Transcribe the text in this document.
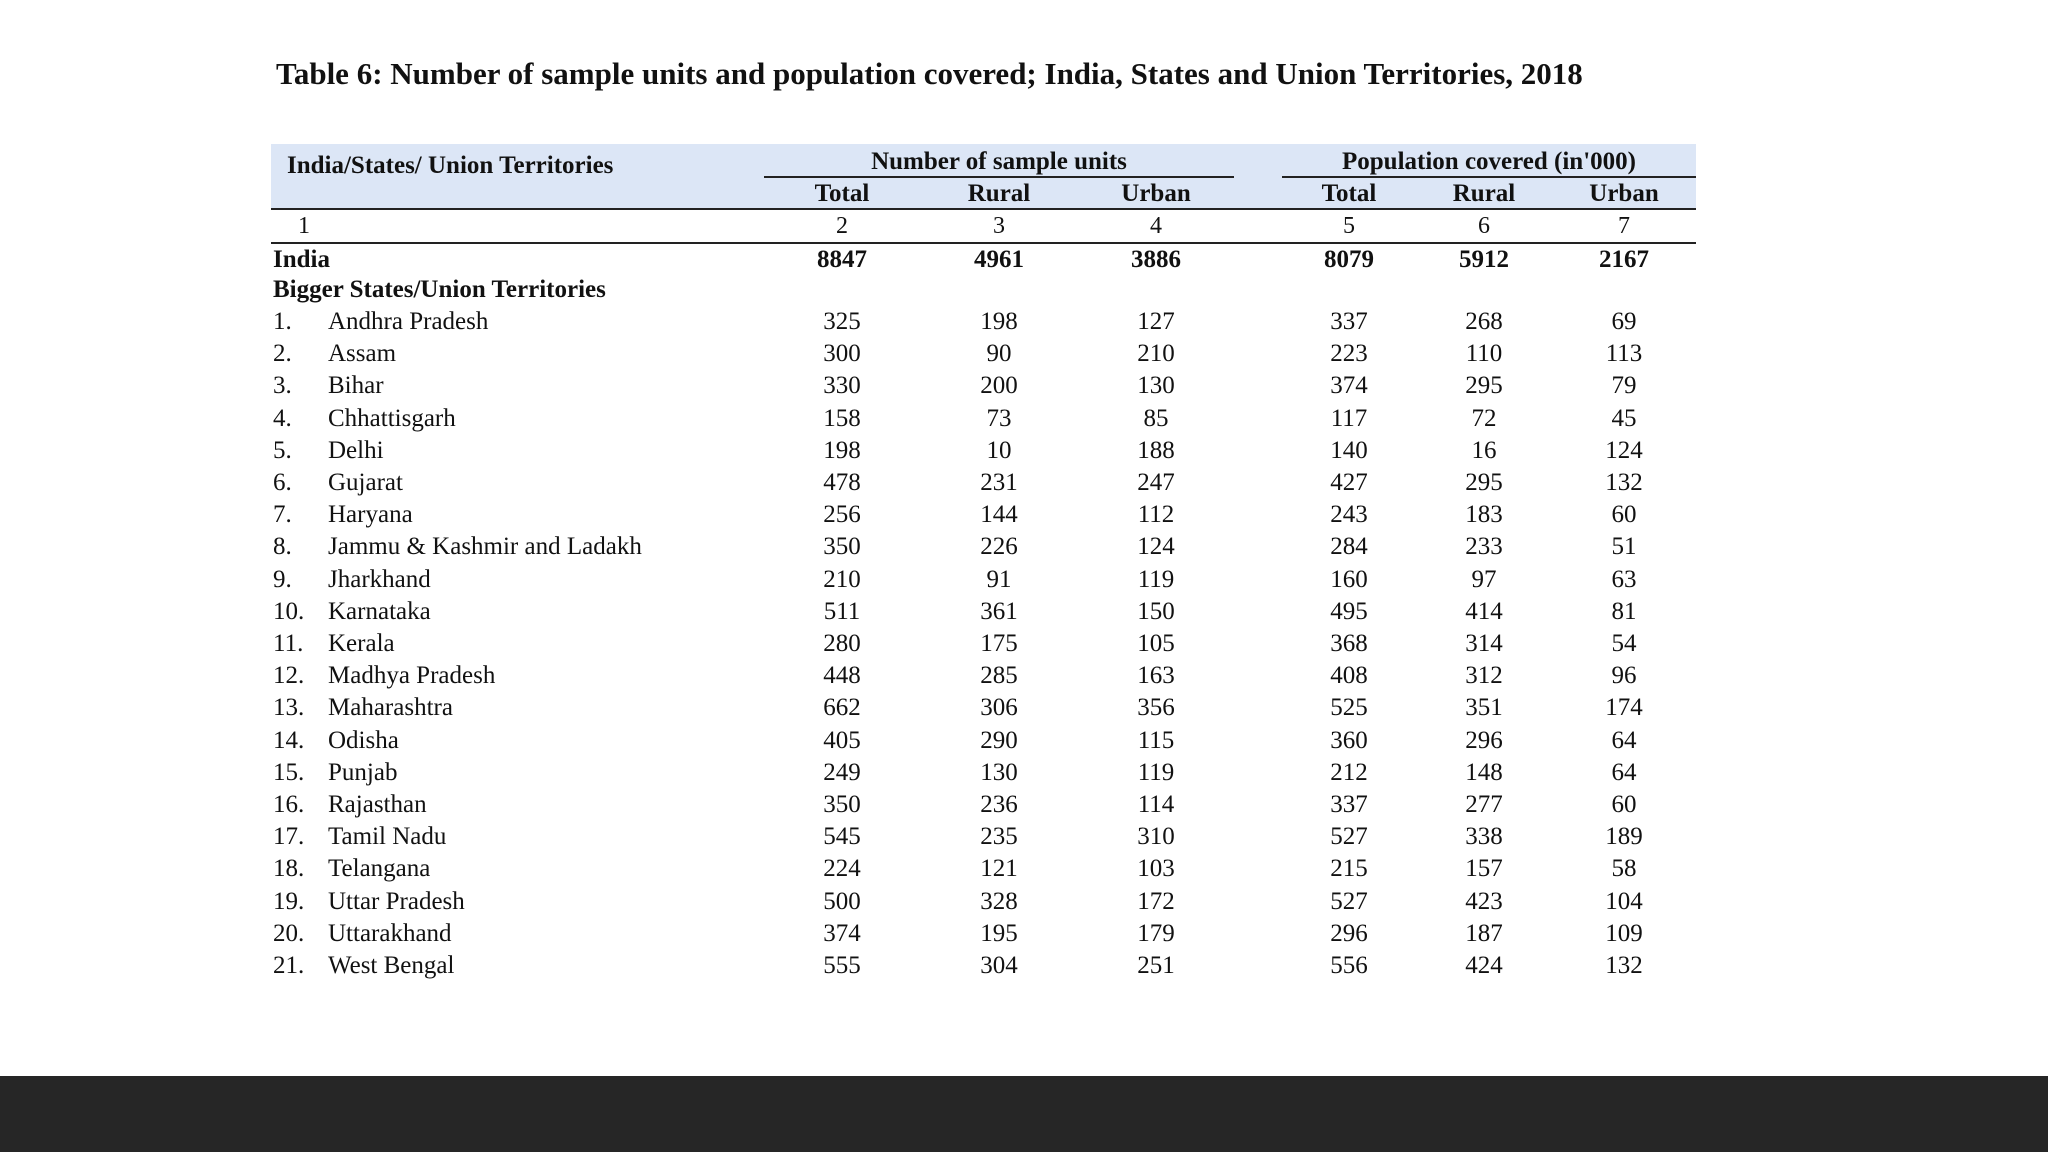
Table 6: Number of sample units and population covered; India, States and Union Territories, 2018
India/States/ Union Territories	Number of sample units	Population covered (in'000)
Total	Rural	Urban	Total	Rural	Urban
1	2	3	4	5	6	7
India	8847	4961	3886	8079	5912	2167
Bigger States/Union Territories
1. Andhra Pradesh	325	198	127	337	268	69
2. Assam	300	90	210	223	110	113
3. Bihar	330	200	130	374	295	79
4. Chhattisgarh	158	73	85	117	72	45
5. Delhi	198	10	188	140	16	124
6. Gujarat	478	231	247	427	295	132
7. Haryana	256	144	112	243	183	60
8. Jammu & Kashmir and Ladakh	350	226	124	284	233	51
9. Jharkhand	210	91	119	160	97	63
10. Karnataka	511	361	150	495	414	81
11. Kerala	280	175	105	368	314	54
12. Madhya Pradesh	448	285	163	408	312	96
13. Maharashtra	662	306	356	525	351	174
14. Odisha	405	290	115	360	296	64
15. Punjab	249	130	119	212	148	64
16. Rajasthan	350	236	114	337	277	60
17. Tamil Nadu	545	235	310	527	338	189
18. Telangana	224	121	103	215	157	58
19. Uttar Pradesh	500	328	172	527	423	104
20. Uttarakhand	374	195	179	296	187	109
21. West Bengal	555	304	251	556	424	132
